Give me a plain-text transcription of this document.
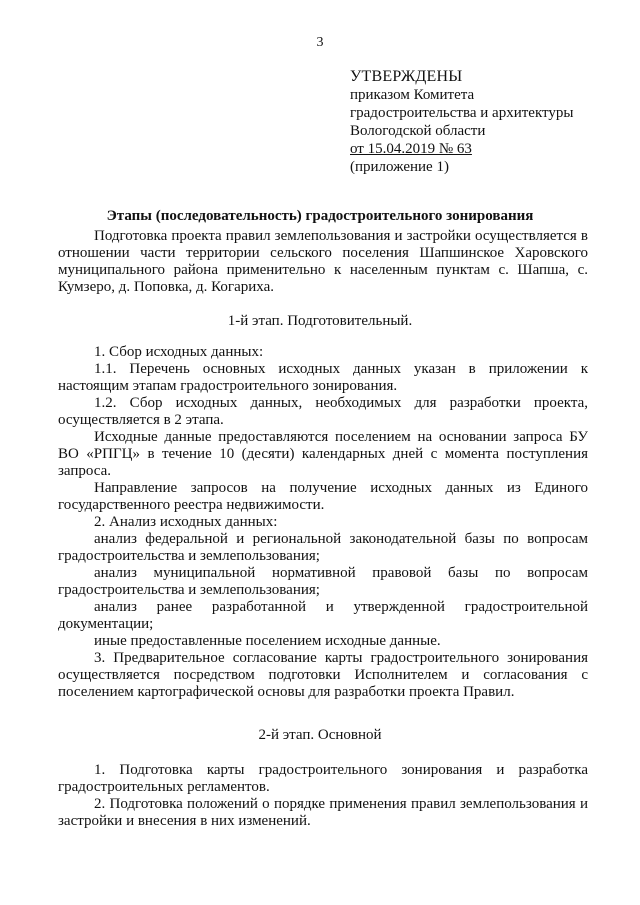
3
УТВЕРЖДЕНЫ
приказом Комитета
градостроительства и архитектуры
Вологодской области
от 15.04.2019 № 63
(приложение 1)
Этапы (последовательность) градостроительного зонирования

Подготовка проекта правил землепользования и застройки осуществляется в отношении части территории сельского поселения Шапшинское Харовского муниципального района применительно к населенным пунктам с. Шапша, с. Кумзеро, д. Поповка, д. Когариха.

1-й этап. Подготовительный.

1. Сбор исходных данных:

1.1. Перечень основных исходных данных указан в приложении к настоящим этапам градостроительного зонирования.

1.2. Сбор исходных данных, необходимых для разработки проекта, осуществляется в 2 этапа.

Исходные данные предоставляются поселением на основании запроса БУ ВО «РПГЦ» в течение 10 (десяти) календарных дней с момента поступления запроса.

Направление запросов на получение исходных данных из Единого государственного реестра недвижимости.

2. Анализ исходных данных:

анализ федеральной и региональной законодательной базы по вопросам градостроительства и землепользования;

анализ муниципальной нормативной правовой базы по вопросам градостроительства и землепользования;

анализ ранее разработанной и утвержденной градостроительной документации;

иные предоставленные поселением исходные данные.

3. Предварительное согласование карты градостроительного зонирования осуществляется посредством подготовки Исполнителем и согласования с поселением картографической основы для разработки проекта Правил.

2-й этап. Основной

1. Подготовка карты градостроительного зонирования и разработка градостроительных регламентов.

2. Подготовка положений о порядке применения правил землепользования и застройки и внесения в них изменений.
